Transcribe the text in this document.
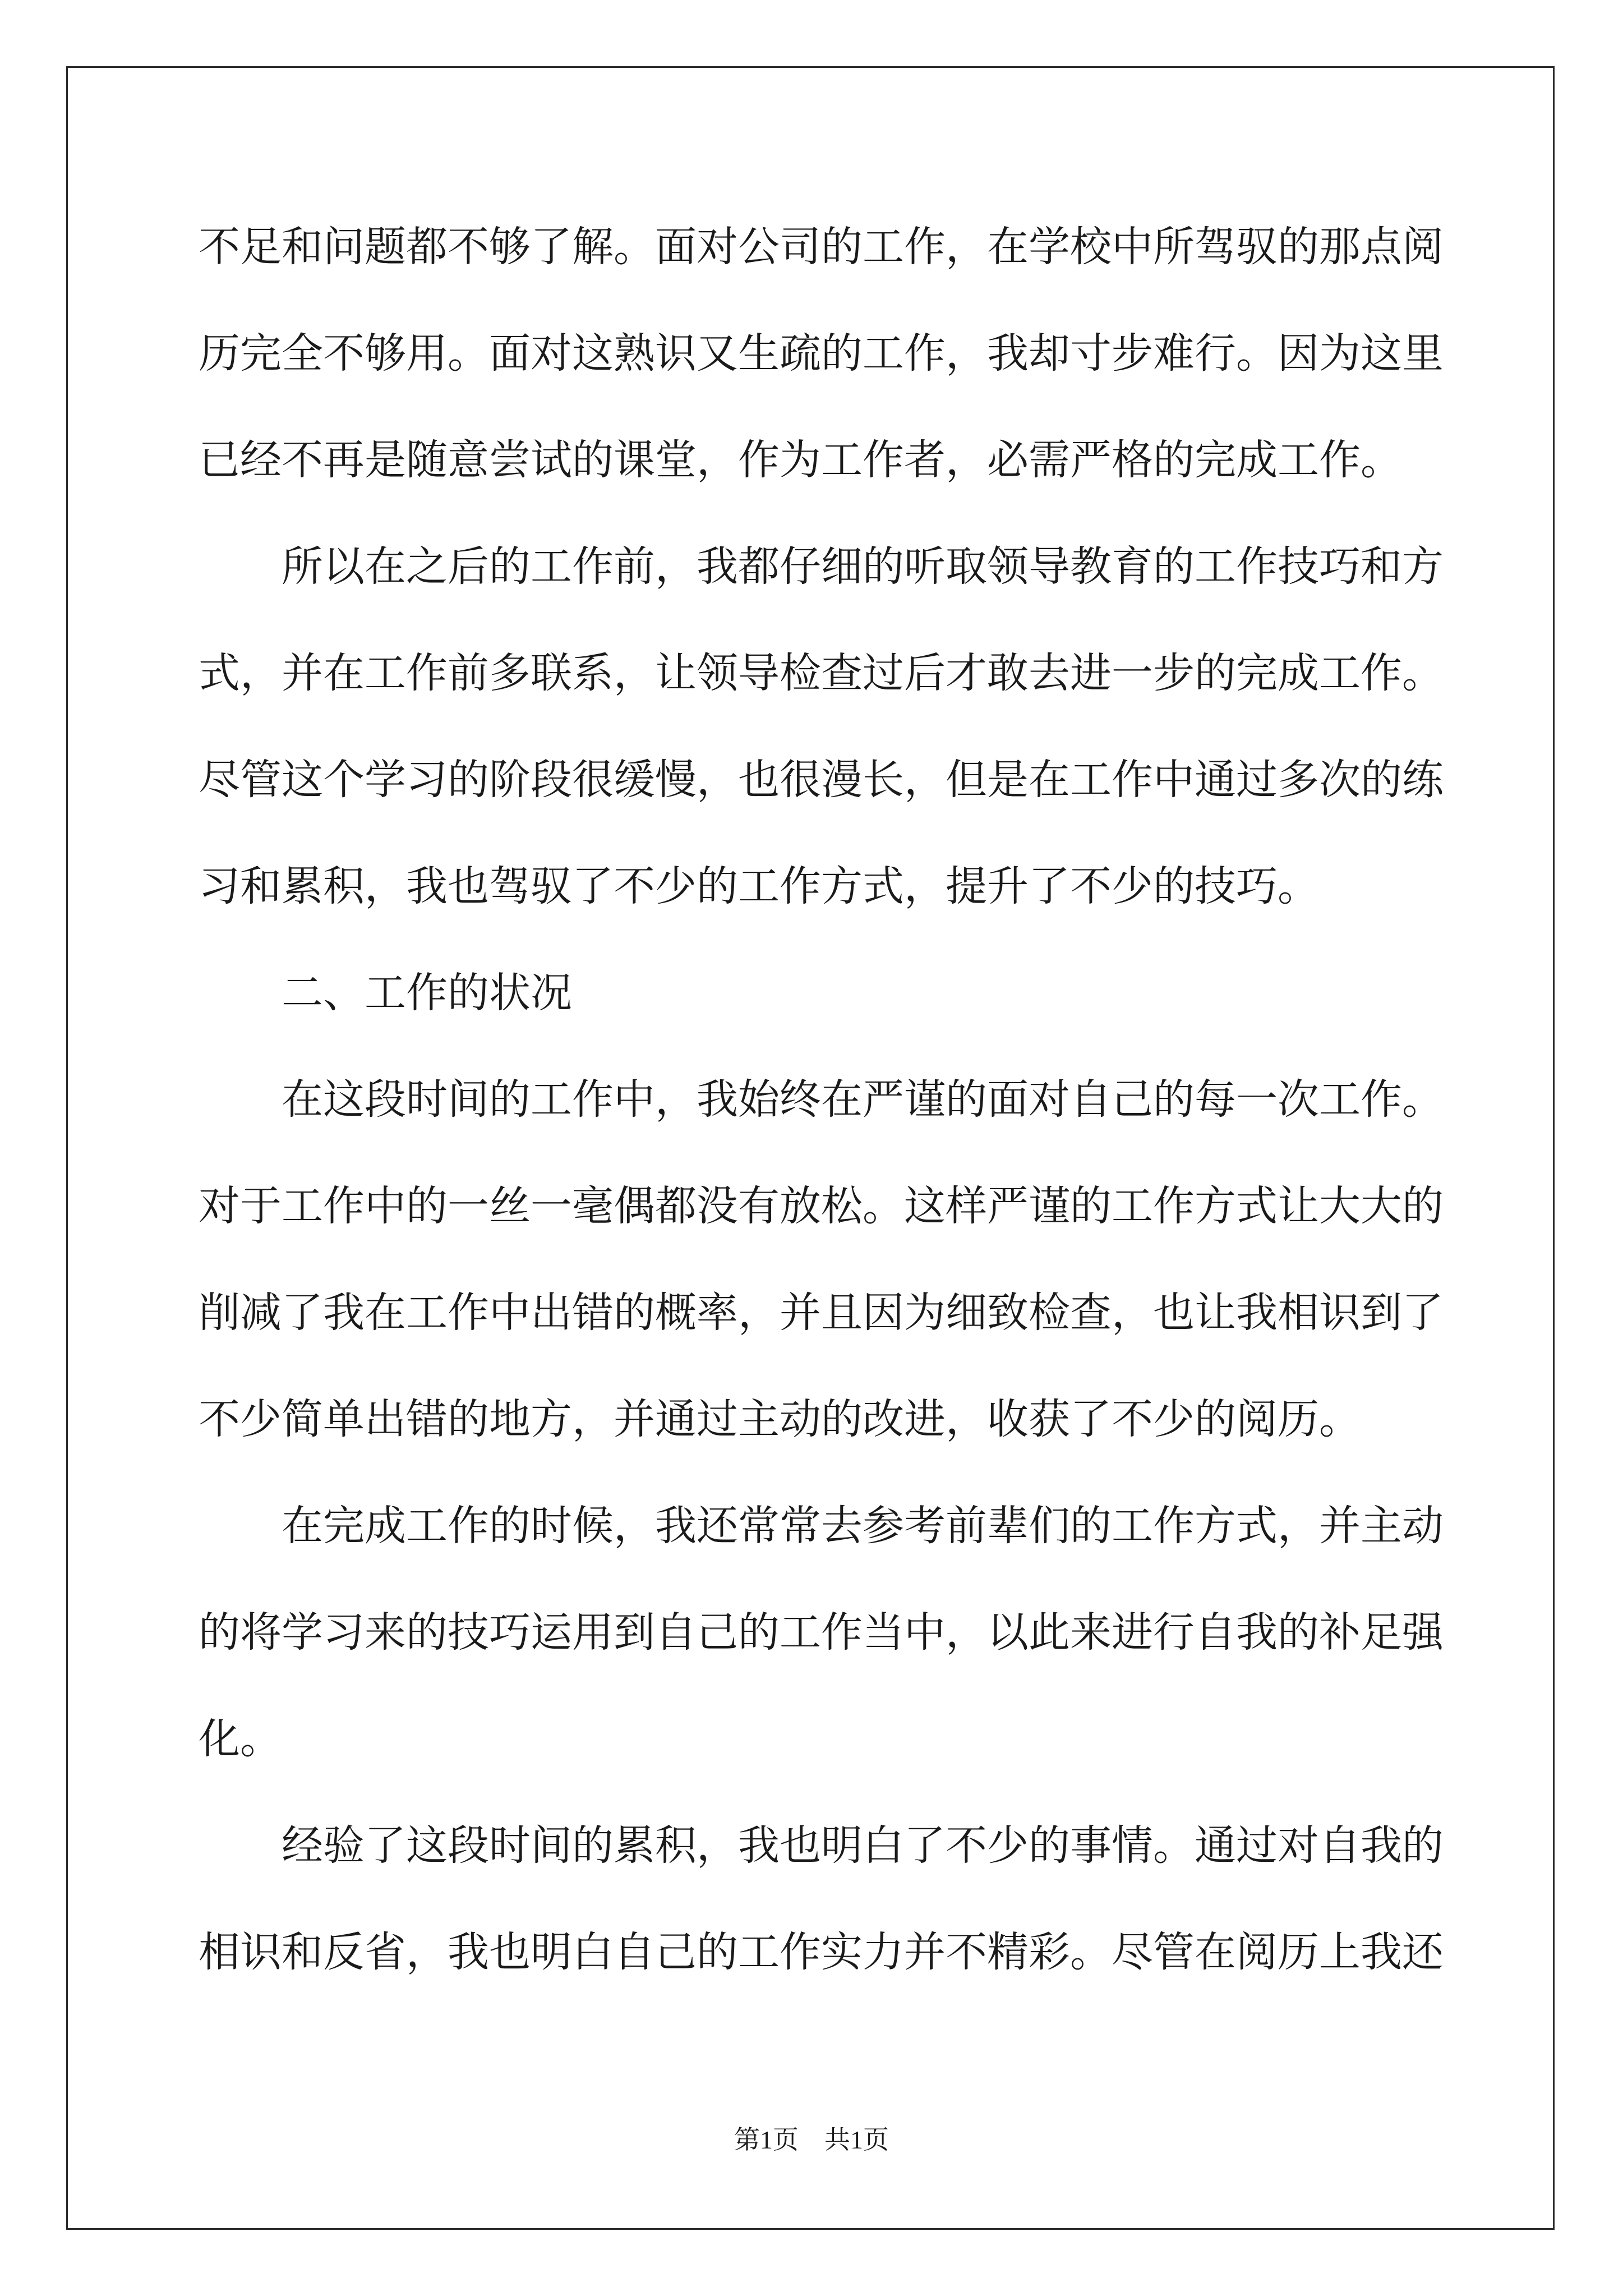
不足和问题都不够了解。面对公司的工作，在学校中所驾驭的那点阅
历完全不够用。面对这熟识又生疏的工作，我却寸步难行。因为这里
已经不再是随意尝试的课堂，作为工作者，必需严格的完成工作。
所以在之后的工作前，我都仔细的听取领导教育的工作技巧和方
式，并在工作前多联系，让领导检查过后才敢去进一步的完成工作。
尽管这个学习的阶段很缓慢，也很漫长，但是在工作中通过多次的练
习和累积，我也驾驭了不少的工作方式，提升了不少的技巧。
二、工作的状况
在这段时间的工作中，我始终在严谨的面对自己的每一次工作。
对于工作中的一丝一毫偶都没有放松。这样严谨的工作方式让大大的
削减了我在工作中出错的概率，并且因为细致检查，也让我相识到了
不少简单出错的地方，并通过主动的改进，收获了不少的阅历。
在完成工作的时候，我还常常去参考前辈们的工作方式，并主动
的将学习来的技巧运用到自己的工作当中，以此来进行自我的补足强
化。
经验了这段时间的累积，我也明白了不少的事情。通过对自我的
相识和反省，我也明白自己的工作实力并不精彩。尽管在阅历上我还
第1页 共1页
